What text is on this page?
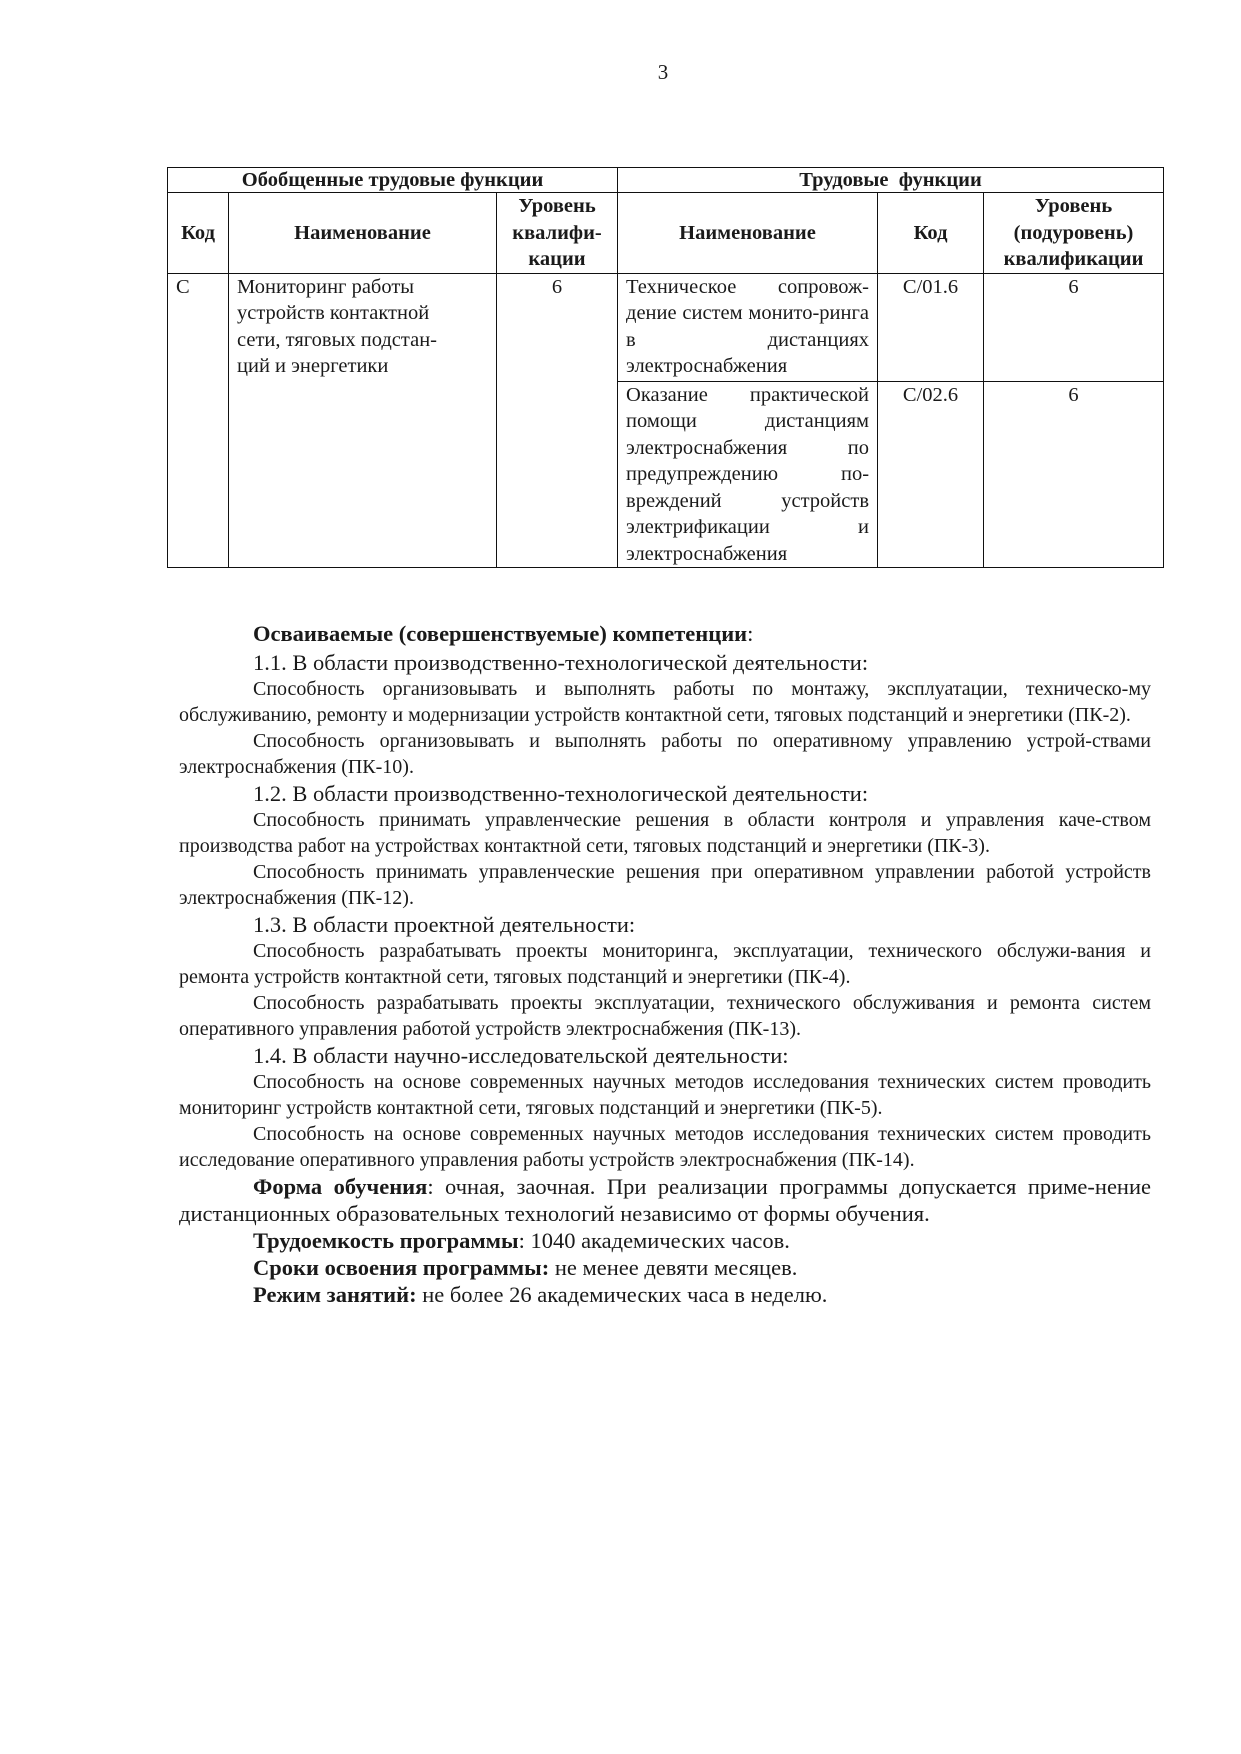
3
Обобщенные трудовые функции			Трудовые  функции		
Код	Наименование	Уровень квалифи-кации	Наименование	Код	Уровень (подуровень) квалификации
C	Мониторинг работы устройств контактной сети, тяговых подстан-ций и энергетики	6	Техническое сопровож-дение систем монито-ринга в дистанциях электроснабжения	C/01.6	6
			Оказание практической помощи дистанциям электроснабжения по предупреждению по-вреждений устройств электрификации и электроснабжения	C/02.6	6

Осваиваемые (совершенствуемые) компетенции:

1.1. В области производственно-технологической деятельности:

Способность организовывать и выполнять работы по монтажу, эксплуатации, техническо-му обслуживанию, ремонту и модернизации устройств контактной сети, тяговых подстанций и энергетики (ПК-2).

Способность организовывать и выполнять работы по оперативному управлению устрой-ствами электроснабжения (ПК-10).

1.2. В области производственно-технологической деятельности:

Способность принимать управленческие решения в области контроля и управления каче-ством производства работ на устройствах контактной сети, тяговых подстанций и энергетики (ПК-3).

Способность принимать управленческие решения при оперативном управлении работой устройств электроснабжения (ПК-12).

1.3. В области проектной деятельности:

Способность разрабатывать проекты мониторинга, эксплуатации, технического обслужи-вания и ремонта устройств контактной сети, тяговых подстанций и энергетики (ПК-4).

Способность разрабатывать проекты эксплуатации, технического обслуживания и ремонта систем оперативного управления работой устройств электроснабжения (ПК-13).

1.4. В области научно-исследовательской деятельности:

Способность на основе современных научных методов исследования технических систем проводить мониторинг устройств контактной сети, тяговых подстанций и энергетики (ПК-5).

Способность на основе современных научных методов исследования технических систем проводить исследование оперативного управления работы устройств электроснабжения (ПК-14).

Форма обучения: очная, заочная. При реализации программы допускается приме-нение дистанционных образовательных технологий независимо от формы обучения.

Трудоемкость программы: 1040 академических часов.

Сроки освоения программы: не менее девяти месяцев.

Режим занятий: не более 26 академических часа в неделю.
